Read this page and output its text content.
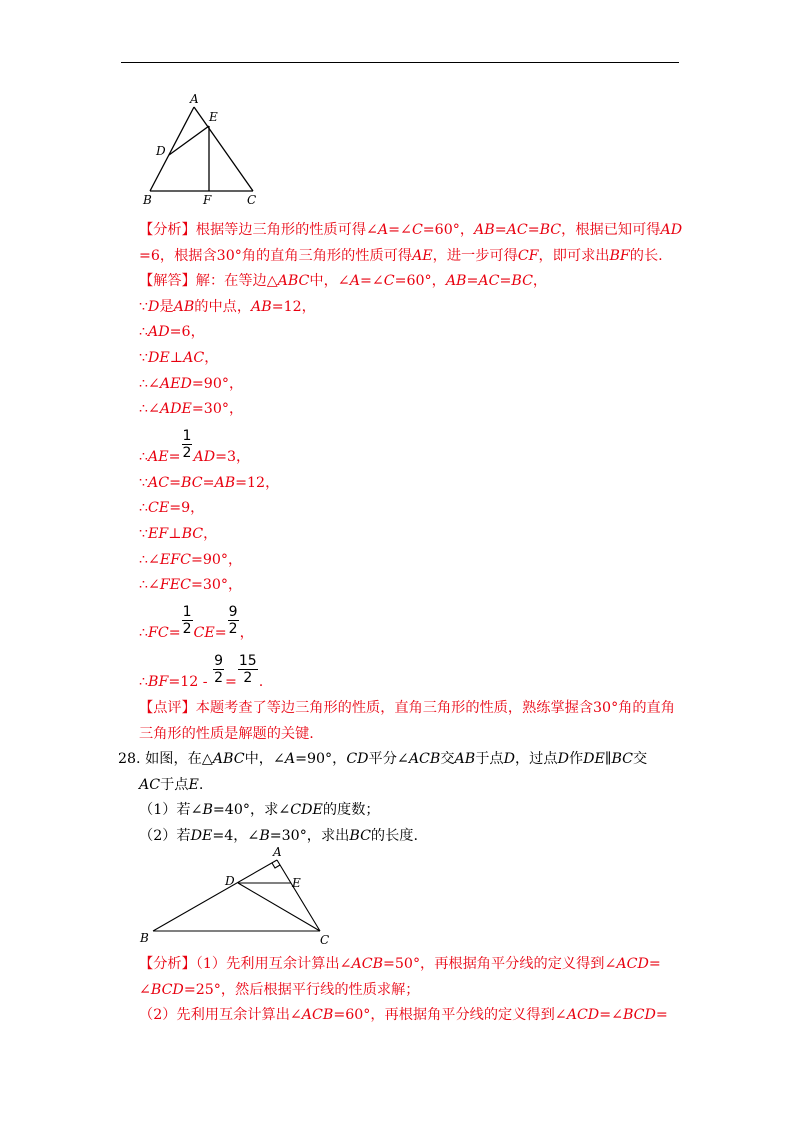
A
E
D
B	F	C
【分析】根据等边三角形的性质可得∠A=∠C=60°，AB=AC=BC，根据已知可得AD
=6，根据含30°角的直角三角形的性质可得AE，进一步可得CF，即可求出BF的长.
【解答】解：在等边△ABC中，∠A=∠C=60°，AB=AC=BC，
∵D是AB的中点，AB=12，
∴AD=6，
∵DE⊥AC，
∴∠AED=90°，
∴∠ADE=30°，
∴AE= $\frac{1}{2} AD=3$，
∵AC=BC=AB=12，
∴CE=9，
∵EF⊥BC，
∴∠EFC=90°，
∴∠FEC=30°，
∴FC= $\frac{1}{2} CE= \frac{9}{2}$ ，
∴BF=12 - $\frac{9}{2} = \frac{15}{2}$ .
【点评】本题考查了等边三角形的性质，直角三角形的性质，熟练掌握含30°角的直角
三角形的性质是解题的关键.
28. 如图，在△ABC中，∠A=90°，CD平分∠ACB交AB于点D，过点D作DE∥BC交
AC于点E.
（1）若∠B=40°，求∠CDE的度数；
（2）若DE=4，∠B=30°，求出BC的长度.
A
D	E
B	C
【分析】（1）先利用互余计算出∠ACB=50°，再根据角平分线的定义得到∠ACD=
∠BCD=25°，然后根据平行线的性质求解；
（2）先利用互余计算出∠ACB=60°，再根据角平分线的定义得到∠ACD=∠BCD=
